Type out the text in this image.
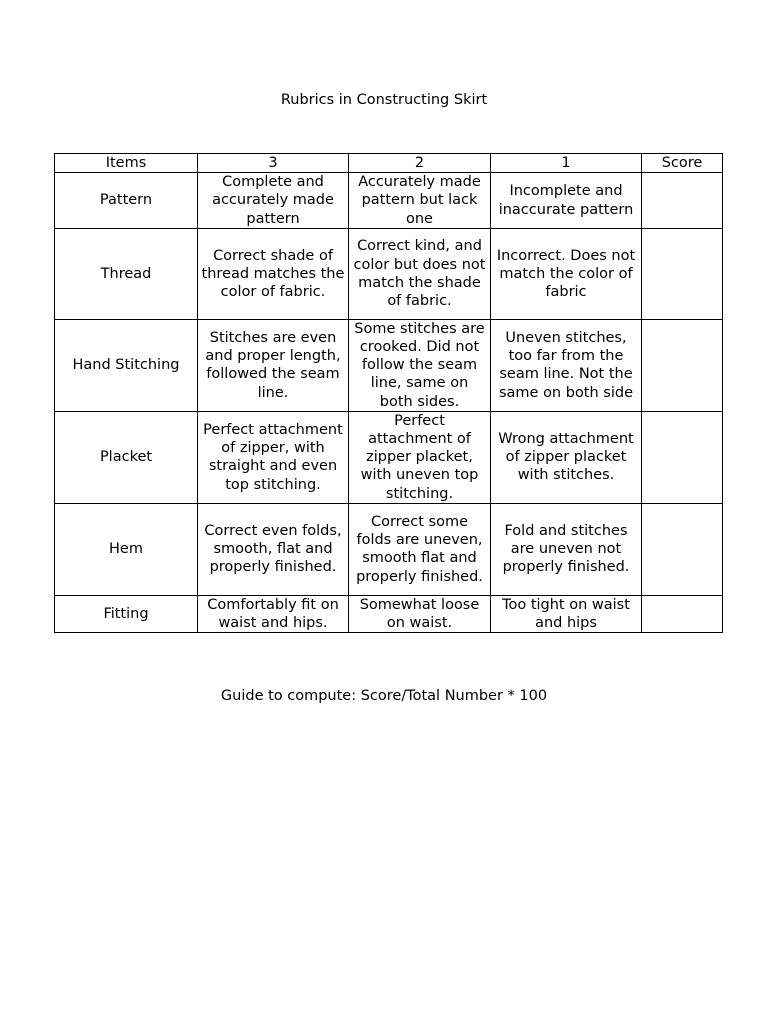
Rubrics in Constructing Skirt
Items	3	2	1	Score
Pattern	Complete and accurately made pattern	Accurately made pattern but lack one	Incomplete and inaccurate pattern	
Thread	Correct shade of thread matches the color of fabric.	Correct kind, and color but does not match the shade of fabric.	Incorrect. Does not match the color of fabric	
Hand Stitching	Stitches are even and proper length, followed the seam line.	Some stitches are crooked. Did not follow the seam line, same on both sides.	Uneven stitches, too far from the seam line. Not the same on both side	
Placket	Perfect attachment of zipper, with straight and even top stitching.	Perfect attachment of zipper placket, with uneven top stitching.	Wrong attachment of zipper placket with stitches.	
Hem	Correct even folds, smooth, flat and properly finished.	Correct some folds are uneven, smooth flat and properly finished.	Fold and stitches are uneven not properly finished.	
Fitting	Comfortably fit on waist and hips.	Somewhat loose on waist.	Too tight on waist and hips	
Guide to compute: Score/Total Number * 100
